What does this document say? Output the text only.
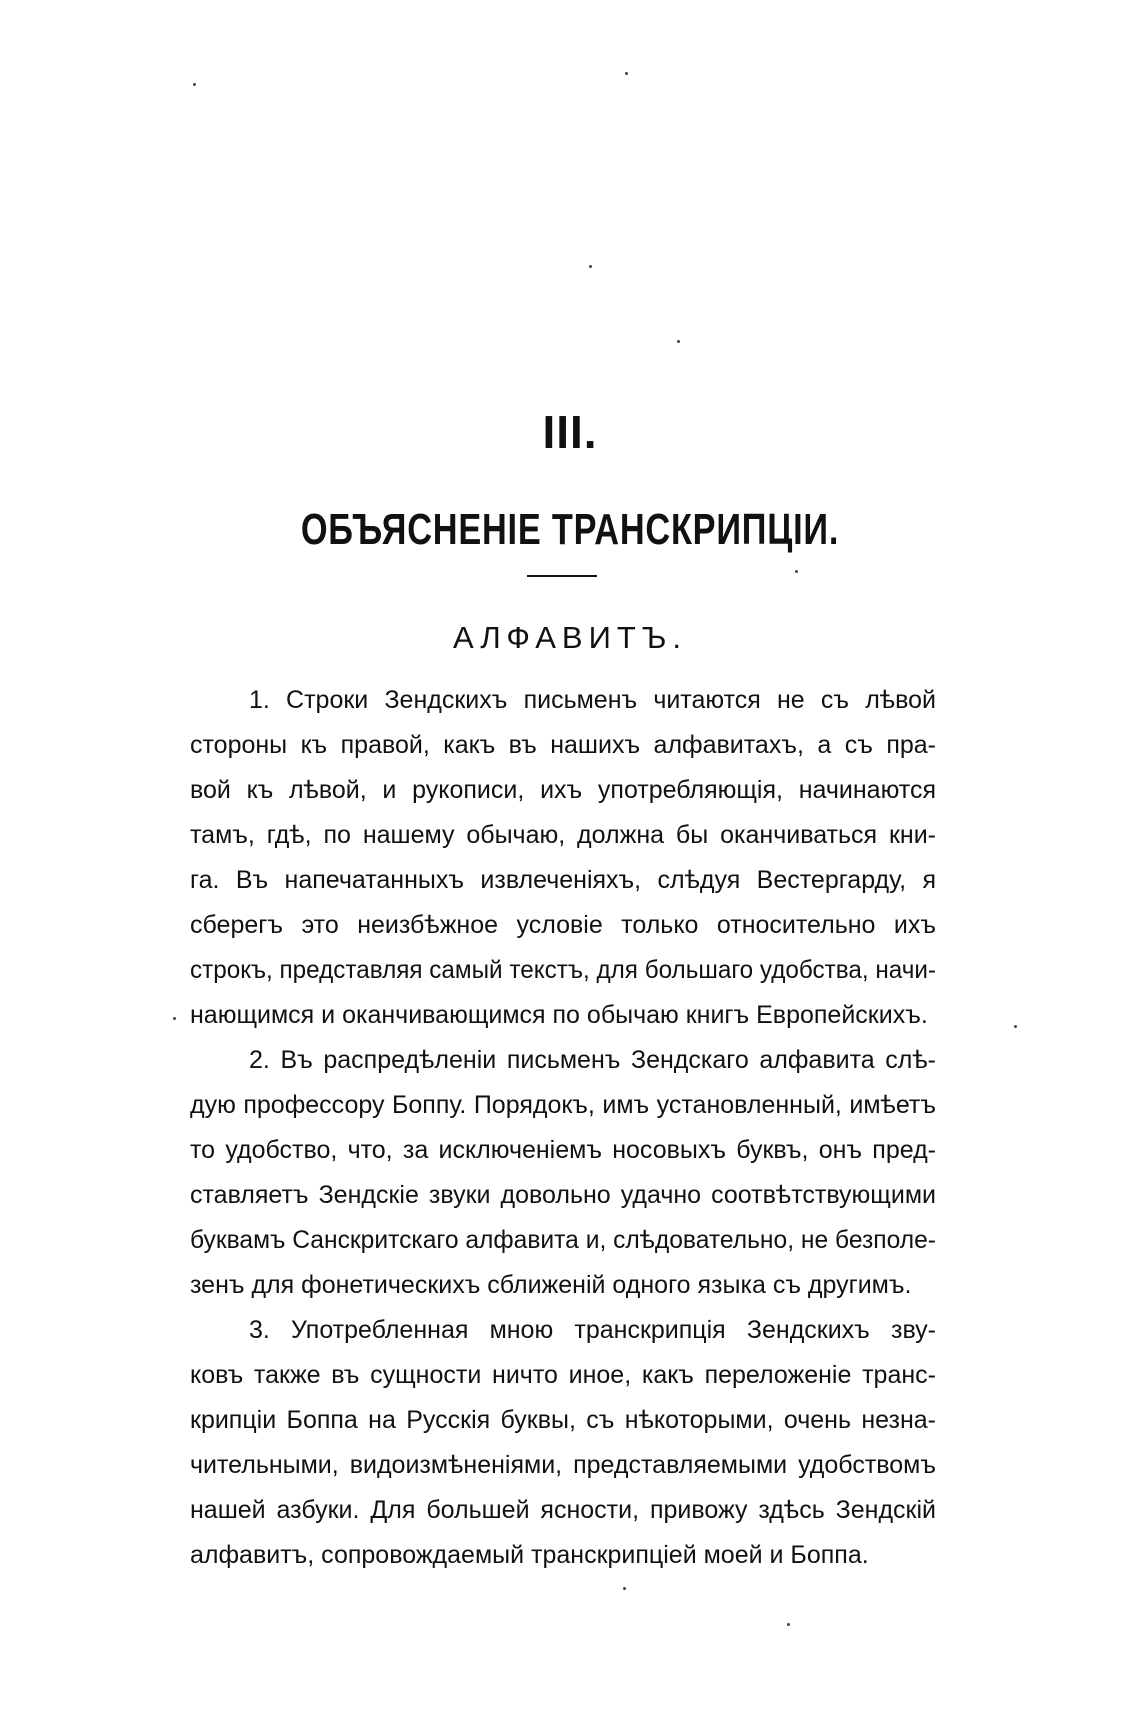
III.
ОБЪЯСНЕНІЕ ТРАНСКРИПЦІИ.
АЛФАВИТЪ.
1. Строки Зендскихъ письменъ читаются не съ лѣвой
стороны къ правой, какъ въ нашихъ алфавитахъ, а съ пра-
вой къ лѣвой, и рукописи, ихъ употребляющія, начинаются
тамъ, гдѣ, по нашему обычаю, должна бы оканчиваться кни-
га. Въ напечатанныхъ извлеченіяхъ, слѣдуя Вестергарду, я
сберегъ это неизбѣжное условіе только относительно ихъ
строкъ, представляя самый текстъ, для большаго удобства, начи-
нающимся и оканчивающимся по обычаю книгъ Европейскихъ.
2. Въ распредѣленіи письменъ Зендскаго алфавита слѣ-
дую профессору Боппу. Порядокъ, имъ установленный, имѣетъ
то удобство, что, за исключеніемъ носовыхъ буквъ, онъ пред-
ставляетъ Зендскіе звуки довольно удачно соотвѣтствующими
буквамъ Санскритскаго алфавита и, слѣдовательно, не безполе-
зенъ для фонетическихъ сближеній одного языка съ другимъ.
3. Употребленная мною транскрипція Зендскихъ зву-
ковъ также въ сущности ничто иное, какъ переложеніе транс-
крипціи Боппа на Русскія буквы, съ нѣкоторыми, очень незна-
чительными, видоизмѣненіями, представляемыми удобствомъ
нашей азбуки. Для большей ясности, привожу здѣсь Зендскій
алфавитъ, сопровождаемый транскрипціей моей и Боппа.
